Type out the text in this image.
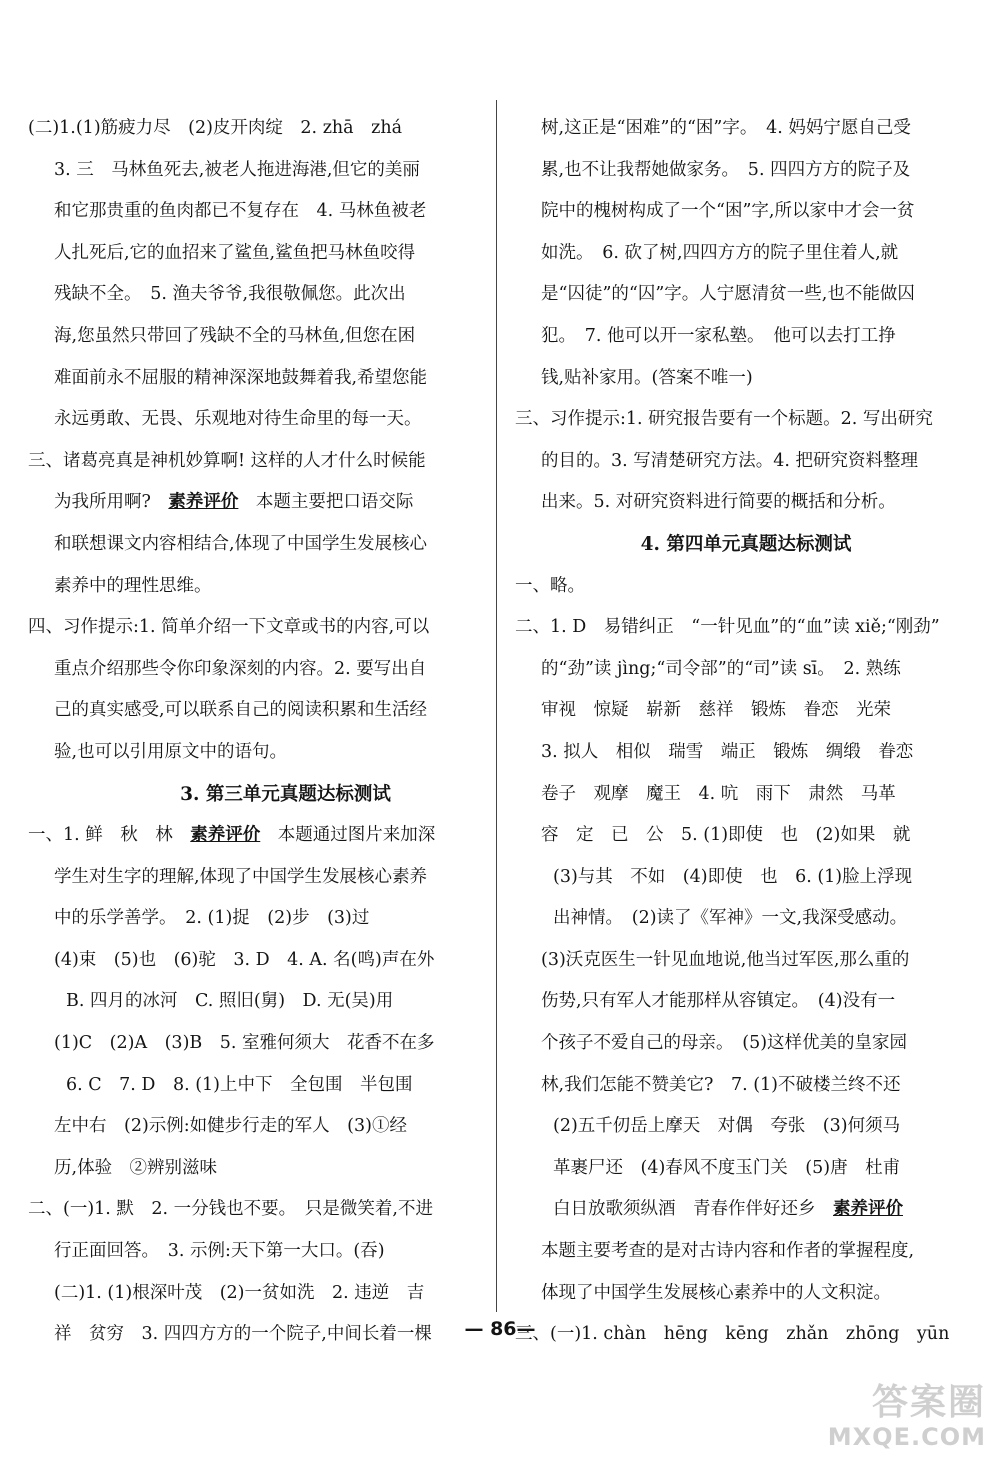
(二)1.(1)筋疲力尽　(2)皮开肉绽　2. zhā　zhá
3. 三　马林鱼死去,被老人拖进海港,但它的美丽
和它那贵重的鱼肉都已不复存在　4. 马林鱼被老
人扎死后,它的血招来了鲨鱼,鲨鱼把马林鱼咬得
残缺不全。　5. 渔夫爷爷,我很敬佩您。此次出
海,您虽然只带回了残缺不全的马林鱼,但您在困
难面前永不屈服的精神深深地鼓舞着我,希望您能
永远勇敢、无畏、乐观地对待生命里的每一天。
三、诸葛亮真是神机妙算啊! 这样的人才什么时候能
为我所用啊?　素养评价　本题主要把口语交际
和联想课文内容相结合,体现了中国学生发展核心
素养中的理性思维。
四、习作提示:1. 简单介绍一下文章或书的内容,可以
重点介绍那些令你印象深刻的内容。2. 要写出自
己的真实感受,可以联系自己的阅读积累和生活经
验,也可以引用原文中的语句。
3. 第三单元真题达标测试
一、1. 鲜　秋　林　素养评价　本题通过图片来加深
学生对生字的理解,体现了中国学生发展核心素养
中的乐学善学。　2. (1)捉　(2)步　(3)过
(4)束　(5)也　(6)驼　3. D　4. A. 名(鸣)声在外
B. 四月的冰河　C. 照旧(舅)　D. 无(吴)用
(1)C　(2)A　(3)B　5. 室雅何须大　花香不在多
6. C　7. D　8. (1)上中下　全包围　半包围
左中右　(2)示例:如健步行走的军人　(3)①经
历,体验　②辨别滋味
二、(一)1. 默　2. 一分钱也不要。　只是微笑着,不进
行正面回答。　3. 示例:天下第一大口。(吞)
(二)1. (1)根深叶茂　(2)一贫如洗　2. 违逆　吉
祥　贫穷　3. 四四方方的一个院子,中间长着一棵
树,这正是“困难”的“困”字。　4. 妈妈宁愿自己受
累,也不让我帮她做家务。　5. 四四方方的院子及
院中的槐树构成了一个“困”字,所以家中才会一贫
如洗。　6. 砍了树,四四方方的院子里住着人,就
是“囚徒”的“囚”字。人宁愿清贫一些,也不能做囚
犯。　7. 他可以开一家私塾。　他可以去打工挣
钱,贴补家用。(答案不唯一)
三、习作提示:1. 研究报告要有一个标题。2. 写出研究
的目的。3. 写清楚研究方法。4. 把研究资料整理
出来。5. 对研究资料进行简要的概括和分析。
4. 第四单元真题达标测试
一、略。
二、1. D　易错纠正　“一针见血”的“血”读 xiě;“刚劲”
的“劲”读 jìng;“司令部”的“司”读 sī。　2. 熟练
审视　惊疑　崭新　慈祥　锻炼　眷恋　光荣
3. 拟人　相似　瑞雪　端正　锻炼　绸缎　眷恋
卷子　观摩　魔王　4. 吭　雨下　肃然　马革
容　定　已　公　5. (1)即使　也　(2)如果　就
(3)与其　不如　(4)即使　也　6. (1)脸上浮现
出神情。　(2)读了《军神》一文,我深受感动。
(3)沃克医生一针见血地说,他当过军医,那么重的
伤势,只有军人才能那样从容镇定。　(4)没有一
个孩子不爱自己的母亲。　(5)这样优美的皇家园
林,我们怎能不赞美它?　7. (1)不破楼兰终不还
(2)五千仞岳上摩天　对偶　夸张　(3)何须马
革裹尸还　(4)春风不度玉门关　(5)唐　杜甫
白日放歌须纵酒　青春作伴好还乡　素养评价
本题主要考查的是对古诗内容和作者的掌握程度,
体现了中国学生发展核心素养中的人文积淀。
三、(一)1. chàn　hēng　kēng　zhǎn　zhōng　yūn
— 86—
答案圈
MXQE.COM
